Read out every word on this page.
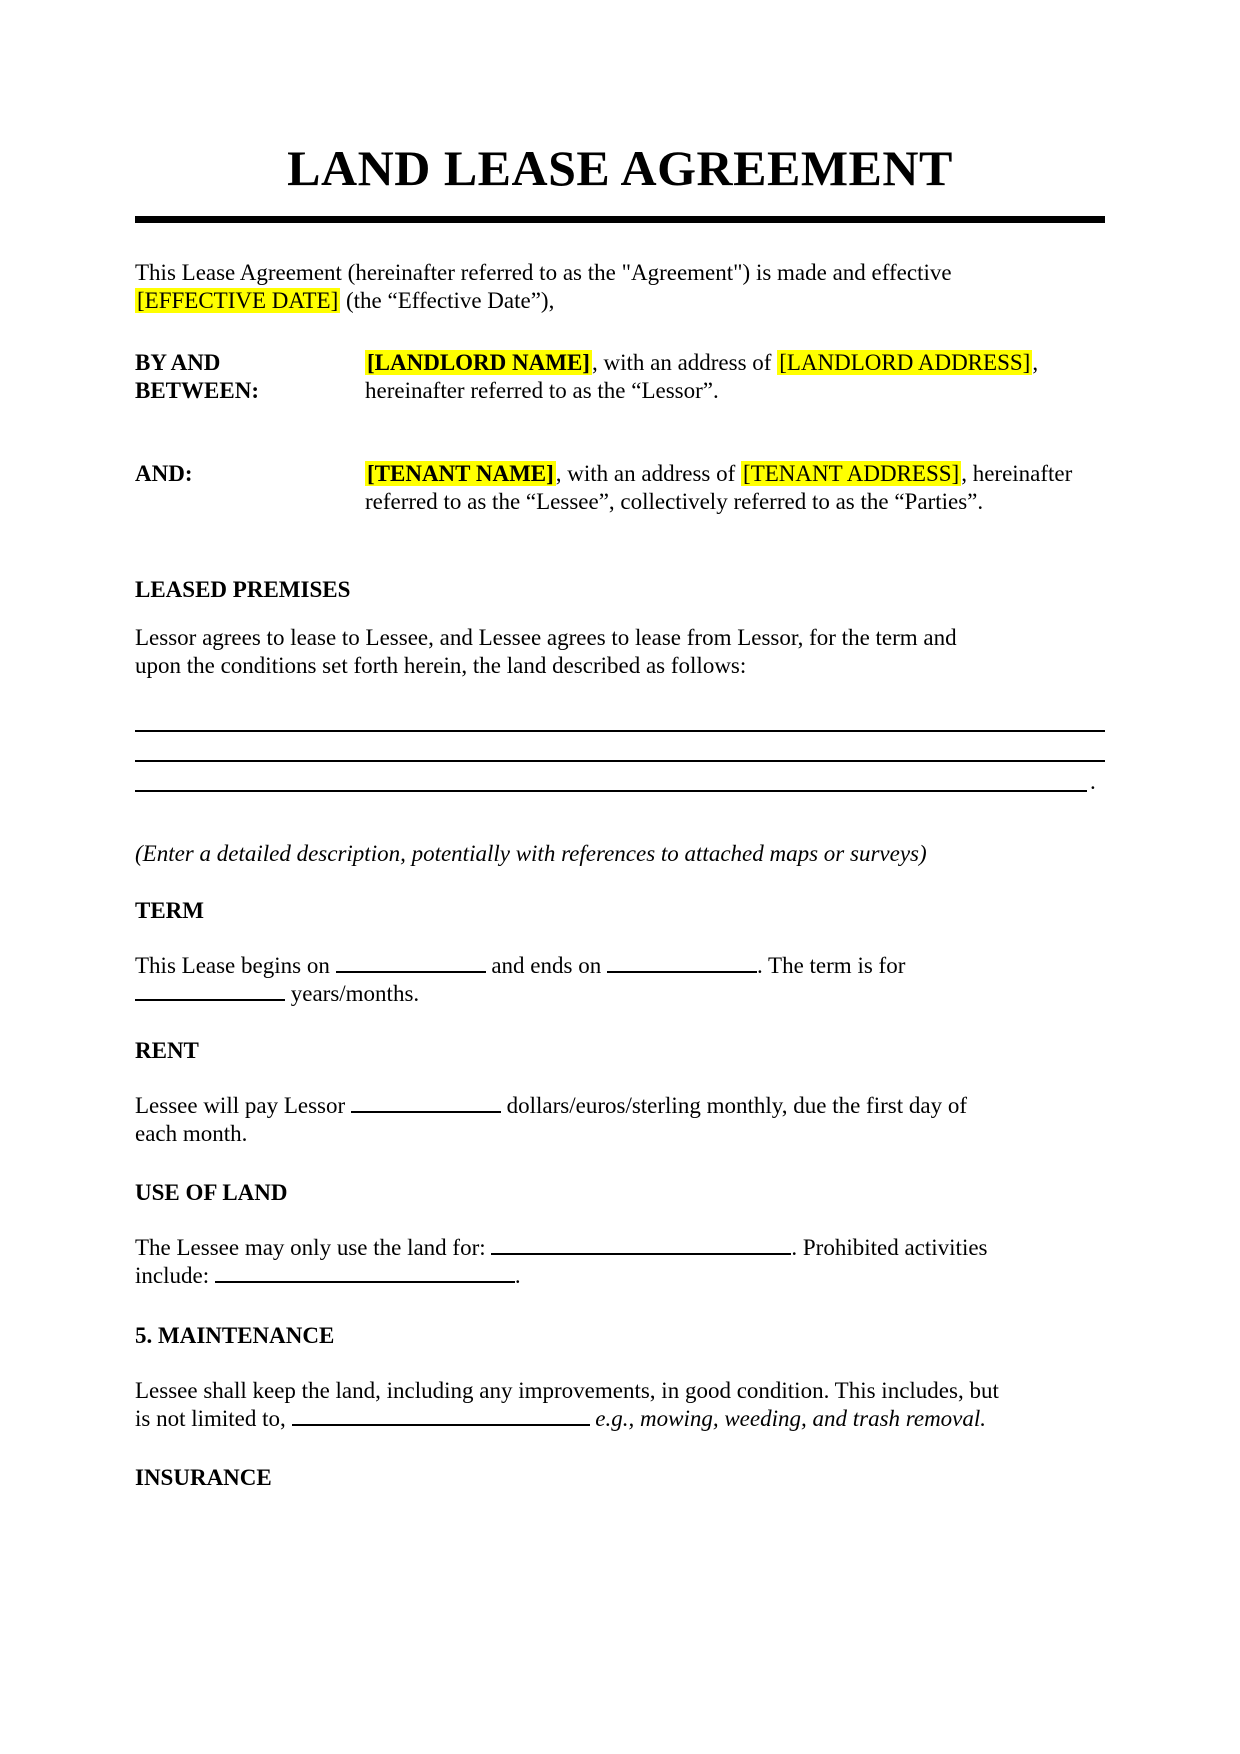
LAND LEASE AGREEMENT

This Lease Agreement (hereinafter referred to as the "Agreement") is made and effective
[EFFECTIVE DATE] (the “Effective Date”),

BY AND BETWEEN:
[LANDLORD NAME], with an address of [LANDLORD ADDRESS], hereinafter referred to as the “Lessor”.
AND:	[TENANT NAME], with an address of [TENANT ADDRESS], hereinafter referred to as the “Lessee”, collectively referred to as the “Parties”.
LEASED PREMISES

Lessor agrees to lease to Lessee, and Lessee agrees to lease from Lessor, for the term and
upon the conditions set forth herein, the land described as follows:

.

(Enter a detailed description, potentially with references to attached maps or surveys)

TERM

This Lease begins on	and ends on	. The term is for
years/months.

RENT

Lessee will pay Lessor	dollars/euros/sterling monthly, due the first day of
each month.

USE OF LAND

The Lessee may only use the land for:	. Prohibited activities
include:	.

5. MAINTENANCE

Lessee shall keep the land, including any improvements, in good condition. This includes, but
is not limited to,	e.g., mowing, weeding, and trash removal.

INSURANCE
